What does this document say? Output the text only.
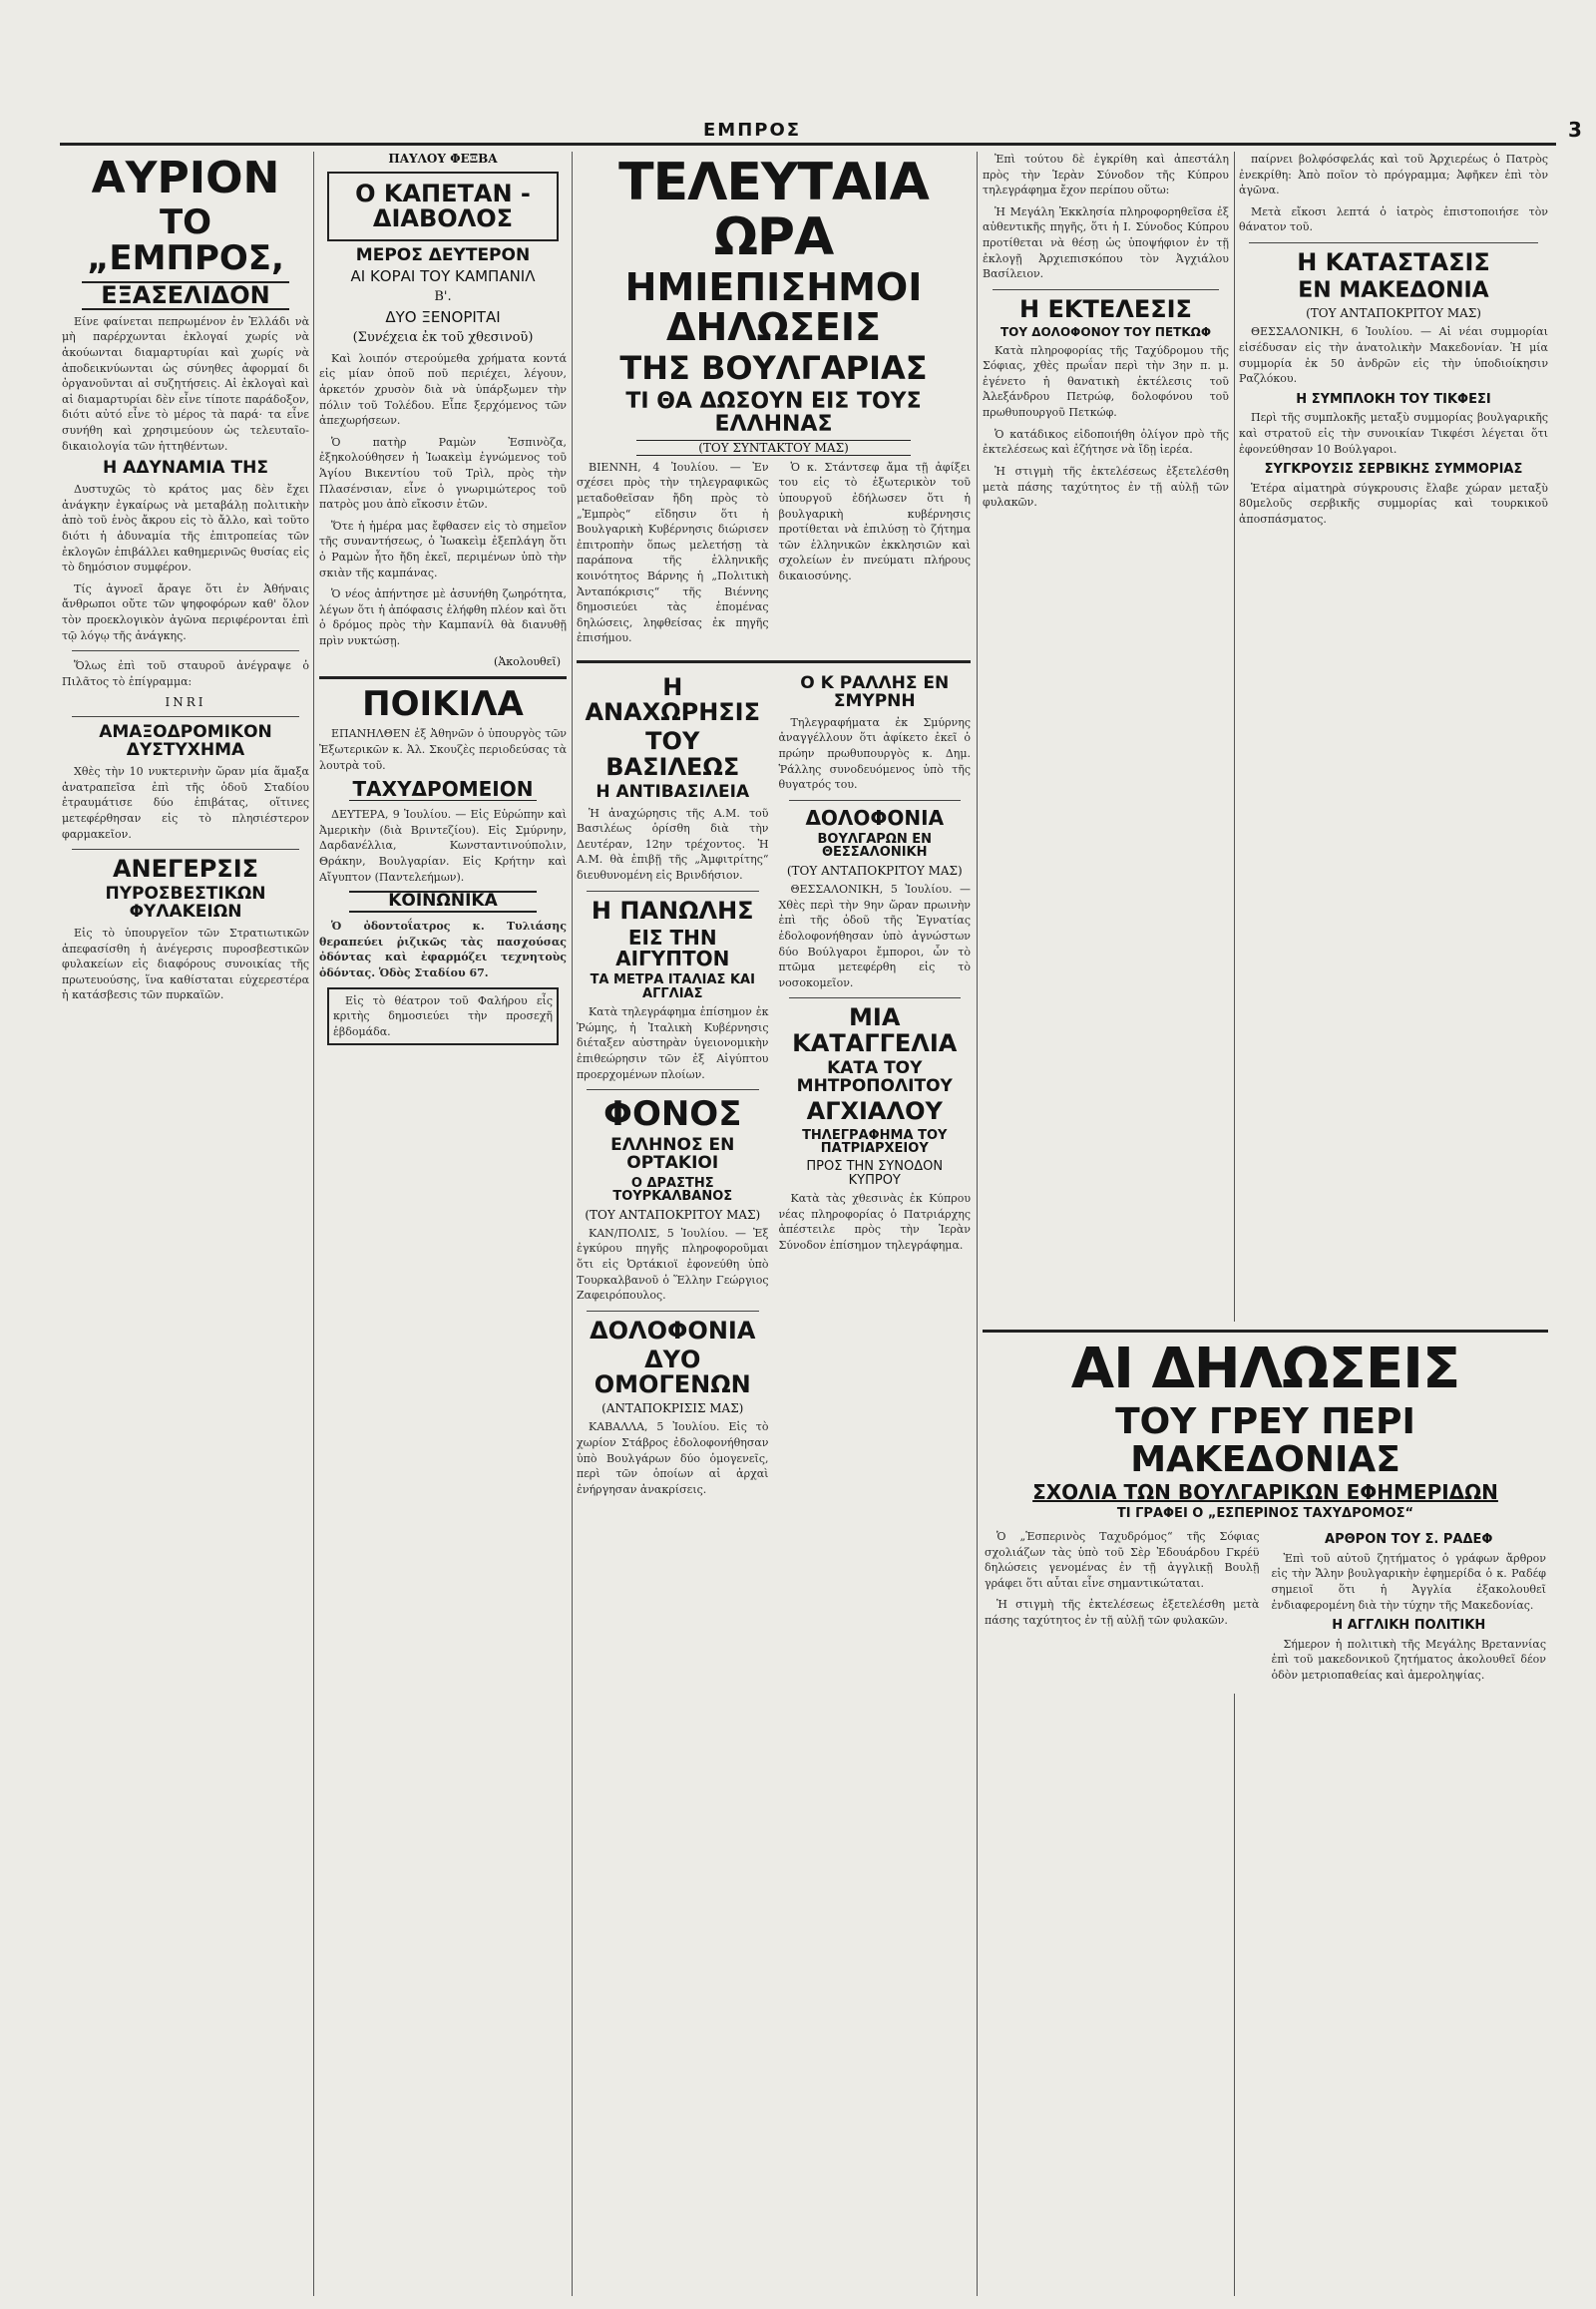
ΕΜΠΡΟΣ	3
ΑΥΡΙΟΝ
ΤΟ „ΕΜΠΡΟΣ,
ΕΞΑΣΕΛΙΔΟΝ

Είνε φαίνεται πεπρωμένον ἐν Ἑλλάδι νὰ μὴ παρέρχωνται ἐκλογαί χωρίς νὰ ἀκούωνται διαμαρτυρίαι καὶ χωρίς νὰ ἀποδεικνύωνται ὡς σύνηθες ἀφορμαί δι ὀργανοῦνται αἱ συζητήσεις. Αἱ ἐκλογαὶ καὶ αἱ διαμαρτυρίαι δὲν εἶνε τίποτε παράδοξον, διότι αὐτό εἶνε τὸ μέρος τὰ παρά· τα εἶνε συνήθη καὶ χρησιμεύουν ὡς τελευταῖο-δικαιολογία τῶν ἡττηθέντων.

Η ΑΔΥΝΑΜΙΑ ΤΗΣ

Δυστυχῶς τὸ κράτος μας δὲν ἔχει ἀνάγκην ἐγκαίρως νὰ μεταβάλῃ πολιτικὴν ἀπὸ τοῦ ἑνὸς ἄκρου εἰς τὸ ἄλλο, καὶ τοῦτο διότι ἡ ἀδυναμία τῆς ἐπιτροπείας τῶν ἐκλογῶν ἐπιβάλλει καθημερινῶς θυσίας εἰς τὸ δημόσιον συμφέρον.

Τίς ἀγνοεῖ ἄραγε ὅτι ἐν Ἀθήναις ἄνθρωποι οὔτε τῶν ψηφοφόρων καθ' ὅλον τὸν προεκλογικὸν ἀγῶνα περιφέρονται ἐπὶ τῷ λόγῳ τῆς ἀνάγκης.

Ὅλως ἐπὶ τοῦ σταυροῦ ἀνέγραψε ὁ Πιλᾶτος τὸ ἐπίγραμμα:

INRI
ΑΜΑΞΟΔΡΟΜΙΚΟΝ ΔΥΣΤΥΧΗΜΑ

Χθὲς τὴν 10 νυκτερινὴν ὥραν μία ἅμαξα ἀνατραπεῖσα ἐπὶ τῆς ὁδοῦ Σταδίου ἐτραυμάτισε δύο ἐπιβάτας, οἵτινες μετεφέρθησαν εἰς τὸ πλησιέστερον φαρμακεῖον.

ΑΝΕΓΕΡΣΙΣ
ΠΥΡΟΣΒΕΣΤΙΚΩΝ ΦΥΛΑΚΕΙΩΝ

Εἰς τὸ ὑπουργεῖον τῶν Στρατιωτικῶν ἀπεφασίσθη ἡ ἀνέγερσις πυροσβεστικῶν φυλακείων εἰς διαφόρους συνοικίας τῆς πρωτευούσης, ἵνα καθίσταται εὐχερεστέρα ἡ κατάσβεσις τῶν πυρκαϊῶν.

ΠΑΥΛΟΥ ΦΕΞΒΑ
Ο ΚΑΠΕΤΑΝ - ΔΙΑΒΟΛΟΣ
ΜΕΡΟΣ ΔΕΥΤΕΡΟΝ
ΑΙ ΚΟΡΑΙ ΤΟΥ ΚΑΜΠΑΝΙΛ
Β'.
ΔΥΟ ΞΕΝΟΡΙΤΑΙ
(Συνέχεια ἐκ τοῦ χθεσινοῦ)

Καὶ λοιπόν στερούμεθα χρήματα κοντά εἰς μίαν ὁποῦ ποῦ περιέχει, λέγουν, ἀρκετόν χρυσὸν διὰ νὰ ὑπάρξωμεν τὴν πόλιν τοῦ Τολέδου. Εἶπε ξερχόμενος τῶν ἀπεχωρήσεων.

Ὁ πατὴρ Ραμὼν Ἐσπινὸζα, ἐξηκολούθησεν ἡ Ἰωακεὶμ ἐγνώμενος τοῦ Ἁγίου Βικεντίου τοῦ Τρὶλ, πρὸς τὴν Πλασένσιαν, εἶνε ὁ γνωριμώτερος τοῦ πατρὸς μου ἀπὸ εἴκοσιν ἐτῶν.

Ὅτε ἡ ἡμέρα μας ἔφθασεν εἰς τὸ σημεῖον τῆς συναντήσεως, ὁ Ἰωακεὶμ ἐξεπλάγη ὅτι ὁ Ραμὼν ἦτο ἤδη ἐκεῖ, περιμένων ὑπὸ τὴν σκιὰν τῆς καμπάνας.

Ὁ νέος ἀπήντησε μὲ ἀσυνήθη ζωηρότητα, λέγων ὅτι ἡ ἀπόφασις ἐλήφθη πλέον καὶ ὅτι ὁ δρόμος πρὸς τὴν Καμπανίλ θὰ διανυθῇ πρὶν νυκτώσῃ.

(Ἀκολουθεῖ)
ΠΟΙΚΙΛΑ

ΕΠΑΝΗΛΘΕΝ ἐξ Ἀθηνῶν ὁ ὑπουργὸς τῶν Ἐξωτερικῶν κ. Ἀλ. Σκουζὲς περιοδεύσας τὰ λουτρὰ τοῦ.

ΤΑΧΥΔΡΟΜΕΙΟΝ

ΔΕΥΤΕΡΑ, 9 Ἰουλίου. — Εἰς Εὐρώπην καὶ Ἀμερικὴν (διὰ Βριντεζίου). Εἰς Σμύρνην, Δαρδανέλλια, Κωνσταντινούπολιν, Θράκην, Βουλγαρίαν. Εἰς Κρήτην καὶ Αἴγυπτον (Παντελεήμων).

ΚΟΙΝΩΝΙΚΑ

Ὁ ὀδοντοΐατρος κ. Τυλιάσης θεραπεύει ῥιζικῶς τὰς πασχούσας ὀδόντας καὶ ἐφαρμόζει τεχνητοὺς ὀδόντας. Ὁδὸς Σταδίου 67.

Εἰς τὸ θέατρον τοῦ Φαλήρου εἶς κριτὴς δημοσιεύει τὴν προσεχῆ ἑβδομάδα.

ΤΕΛΕΥΤΑΙΑ ΩΡΑ
ΗΜΙΕΠΙΣΗΜΟΙ ΔΗΛΩΣΕΙΣ
ΤΗΣ ΒΟΥΛΓΑΡΙΑΣ
ΤΙ ΘΑ ΔΩΣΟΥΝ ΕΙΣ ΤΟΥΣ ΕΛΛΗΝΑΣ
(ΤΟΥ ΣΥΝΤΑΚΤΟΥ ΜΑΣ)

ΒΙΕΝΝΗ, 4 Ἰουλίου. — Ἐν σχέσει πρὸς τὴν τηλεγραφικῶς μεταδοθεῖσαν ἤδη πρὸς τὸ „Ἐμπρὸς“ εἴδησιν ὅτι ἡ Βουλγαρικὴ Κυβέρνησις διώρισεν ἐπιτροπὴν ὅπως μελετήσῃ τὰ παράπονα τῆς ἑλληνικῆς κοινότητος Βάρνης ἡ „Πολιτικὴ Ἀνταπόκρισις“ τῆς Βιέννης δημοσιεύει τὰς ἑπομένας δηλώσεις, ληφθείσας ἐκ πηγῆς ἐπισήμου.

Ὁ κ. Στάντσεφ ἄμα τῇ ἀφίξει του εἰς τὸ ἐξωτερικὸν τοῦ ὑπουργοῦ ἐδήλωσεν ὅτι ἡ βουλγαρικὴ κυβέρνησις προτίθεται νὰ ἐπιλύσῃ τὸ ζήτημα τῶν ἑλληνικῶν ἐκκλησιῶν καὶ σχολείων ἐν πνεύματι πλήρους δικαιοσύνης.

Η ΑΝΑΧΩΡΗΣΙΣ
ΤΟΥ ΒΑΣΙΛΕΩΣ
Η ΑΝΤΙΒΑΣΙΛΕΙΑ

Ἡ ἀναχώρησις τῆς Α.Μ. τοῦ Βασιλέως ὁρίσθη διὰ τὴν Δευτέραν, 12ην τρέχοντος. Ἡ Α.Μ. θὰ ἐπιβῇ τῆς „Ἀμφιτρίτης“ διευθυνομένη εἰς Βρινδήσιον.

Η ΠΑΝΩΛΗΣ
ΕΙΣ ΤΗΝ ΑΙΓΥΠΤΟΝ
ΤΑ ΜΕΤΡΑ ΙΤΑΛΙΑΣ ΚΑΙ ΑΓΓΛΙΑΣ

Κατὰ τηλεγράφημα ἐπίσημον ἐκ Ῥώμης, ἡ Ἰταλικὴ Κυβέρνησις διέταξεν αὐστηρὰν ὑγειονομικὴν ἐπιθεώρησιν τῶν ἐξ Αἰγύπτου προερχομένων πλοίων.

ΦΟΝΟΣ
ΕΛΛΗΝΟΣ ΕΝ ΟΡΤΑΚΙΟΙ
Ο ΔΡΑΣΤΗΣ ΤΟΥΡΚΑΛΒΑΝΟΣ
(ΤΟΥ ΑΝΤΑΠΟΚΡΙΤΟΥ ΜΑΣ)

ΚΑΝ/ΠΟΛΙΣ, 5 Ἰουλίου. — Ἐξ ἐγκύρου πηγῆς πληροφοροῦμαι ὅτι εἰς Ὀρτάκιοϊ ἐφονεύθη ὑπὸ Τουρκαλβανοῦ ὁ Ἕλλην Γεώργιος Ζαφειρόπουλος.

ΔΟΛΟΦΟΝΙΑ
ΔΥΟ ΟΜΟΓΕΝΩΝ
(ΑΝΤΑΠΟΚΡΙΣΙΣ ΜΑΣ)

ΚΑΒΑΛΛΑ, 5 Ἰουλίου. Εἰς τὸ χωρίον Στάβρος ἐδολοφονήθησαν ὑπὸ Βουλγάρων δύο ὁμογενεῖς, περὶ τῶν ὁποίων αἱ ἀρχαὶ ἐνήργησαν ἀνακρίσεις.

Ο Κ ΡΑΛΛΗΣ ΕΝ ΣΜΥΡΝΗ

Τηλεγραφήματα ἐκ Σμύρνης ἀναγγέλλουν ὅτι ἀφίκετο ἐκεῖ ὁ πρώην πρωθυπουργὸς κ. Δημ. Ῥάλλης συνοδευόμενος ὑπὸ τῆς θυγατρός του.

ΔΟΛΟΦΟΝΙΑ
ΒΟΥΛΓΑΡΩΝ ΕΝ ΘΕΣΣΑΛΟΝΙΚΗ
(ΤΟΥ ΑΝΤΑΠΟΚΡΙΤΟΥ ΜΑΣ)

ΘΕΣΣΑΛΟΝΙΚΗ, 5 Ἰουλίου. — Χθὲς περὶ τὴν 9ην ὥραν πρωινὴν ἐπὶ τῆς ὁδοῦ τῆς Ἐγνατίας ἐδολοφονήθησαν ὑπὸ ἀγνώστων δύο Βούλγαροι ἔμποροι, ὧν τὸ πτῶμα μετεφέρθη εἰς τὸ νοσοκομεῖον.

ΜΙΑ ΚΑΤΑΓΓΕΛΙΑ
ΚΑΤΑ ΤΟΥ ΜΗΤΡΟΠΟΛΙΤΟΥ
ΑΓΧΙΑΛΟΥ
ΤΗΛΕΓΡΑΦΗΜΑ ΤΟΥ ΠΑΤΡΙΑΡΧΕΙΟΥ
ΠΡΟΣ ΤΗΝ ΣΥΝΟΔΟΝ ΚΥΠΡΟΥ

Κατὰ τὰς χθεσινὰς ἐκ Κύπρου νέας πληροφορίας ὁ Πατριάρχης ἀπέστειλε πρὸς τὴν Ἱερὰν Σύνοδον ἐπίσημον τηλεγράφημα.

Ἐπὶ τούτου δὲ ἐγκρίθη καὶ ἀπεστάλη πρὸς τὴν Ἱερὰν Σύνοδον τῆς Κύπρου τηλεγράφημα ἔχον περίπου οὕτω:

Ἡ Μεγάλη Ἐκκλησία πληροφορηθεῖσα ἐξ αὐθεντικῆς πηγῆς, ὅτι ἡ Ι. Σύνοδος Κύπρου προτίθεται νὰ θέσῃ ὡς ὑποψήφιον ἐν τῇ ἐκλογῇ Ἀρχιεπισκόπου τὸν Ἀγχιάλου Βασίλειον.

Η ΕΚΤΕΛΕΣΙΣ
ΤΟΥ ΔΟΛΟΦΟΝΟΥ ΤΟΥ ΠΕΤΚΩΦ

Κατὰ πληροφορίας τῆς Ταχύδρομου τῆς Σόφιας, χθὲς πρωΐαν περὶ τὴν 3ην π. μ. ἐγένετο ἡ θανατικὴ ἐκτέλεσις τοῦ Ἀλεξάνδρου Πετρώφ, δολοφόνου τοῦ πρωθυπουργοῦ Πετκώφ.

Ὁ κατάδικος εἰδοποιήθη ὀλίγον πρὸ τῆς ἐκτελέσεως καὶ ἐζήτησε νὰ ἴδῃ ἱερέα.

Ἡ στιγμὴ τῆς ἐκτελέσεως ἐξετελέσθη μετὰ πάσης ταχύτητος ἐν τῇ αὐλῇ τῶν φυλακῶν.

παίρνει βολφόσφελάς καὶ τοῦ Ἀρχιερέως ὁ Πατρὸς ἐνεκρίθη: Ἀπὸ ποῖον τὸ πρόγραμμα; Ἀφῆκεν ἐπὶ τὸν ἀγῶνα.

Μετὰ εἴκοσι λεπτά ὁ ἰατρὸς ἐπιστοποιήσε τὸν θάνατον τοῦ.

Η ΚΑΤΑΣΤΑΣΙΣ
ΕΝ ΜΑΚΕΔΟΝΙΑ
(ΤΟΥ ΑΝΤΑΠΟΚΡΙΤΟΥ ΜΑΣ)

ΘΕΣΣΑΛΟΝΙΚΗ, 6 Ἰουλίου. — Αἱ νέαι συμμορίαι εἰσέδυσαν εἰς τὴν ἀνατολικὴν Μακεδονίαν. Ἡ μία συμμορία ἐκ 50 ἀνδρῶν εἰς τὴν ὑποδιοίκησιν Ραζλόκου.

Η ΣΥΜΠΛΟΚΗ ΤΟΥ ΤΙΚΦΕΣΙ

Περὶ τῆς συμπλοκῆς μεταξὺ συμμορίας βουλγαρικῆς καὶ στρατοῦ εἰς τὴν συνοικίαν Τικφέσι λέγεται ὅτι ἐφονεύθησαν 10 Βούλγαροι.

ΣΥΓΚΡΟΥΣΙΣ ΣΕΡΒΙΚΗΣ ΣΥΜΜΟΡΙΑΣ

Ἑτέρα αἱματηρὰ σύγκρουσις ἔλαβε χώραν μεταξὺ 80μελοῦς σερβικῆς συμμορίας καὶ τουρκικοῦ ἀποσπάσματος.

ΑΙ ΔΗΛΩΣΕΙΣ
ΤΟΥ ΓΡΕΥ ΠΕΡΙ ΜΑΚΕΔΟΝΙΑΣ
ΣΧΟΛΙΑ ΤΩΝ ΒΟΥΛΓΑΡΙΚΩΝ ΕΦΗΜΕΡΙΔΩΝ
ΤΙ ΓΡΑΦΕΙ Ο „ΕΣΠΕΡΙΝΟΣ ΤΑΧΥΔΡΟΜΟΣ“

Ὁ „Ἑσπερινὸς Ταχυδρόμος“ τῆς Σόφιας σχολιάζων τὰς ὑπὸ τοῦ Σὲρ Ἐδουάρδου Γκρέϋ δηλώσεις γενομένας ἐν τῇ ἀγγλικῇ Βουλῇ γράφει ὅτι αὗται εἶνε σημαντικώταται.

Ἡ στιγμὴ τῆς ἐκτελέσεως ἐξετελέσθη μετὰ πάσης ταχύτητος ἐν τῇ αὐλῇ τῶν φυλακῶν.

ΑΡΘΡΟΝ ΤΟΥ Σ. ΡΑΔΕΦ

Ἐπὶ τοῦ αὐτοῦ ζητήματος ὁ γράφων ἄρθρον εἰς τὴν Ἄλην βουλγαρικὴν ἐφημερίδα ὁ κ. Ραδέφ σημειοῖ ὅτι ἡ Ἀγγλία ἐξακολουθεῖ ἐνδιαφερομένη διὰ τὴν τύχην τῆς Μακεδονίας.

Η ΑΓΓΛΙΚΗ ΠΟΛΙΤΙΚΗ

Σήμερον ἡ πολιτικὴ τῆς Μεγάλης Βρεταννίας ἐπὶ τοῦ μακεδονικοῦ ζητήματος ἀκολουθεῖ δέον ὁδὸν μετριοπαθείας καὶ ἀμεροληψίας.
